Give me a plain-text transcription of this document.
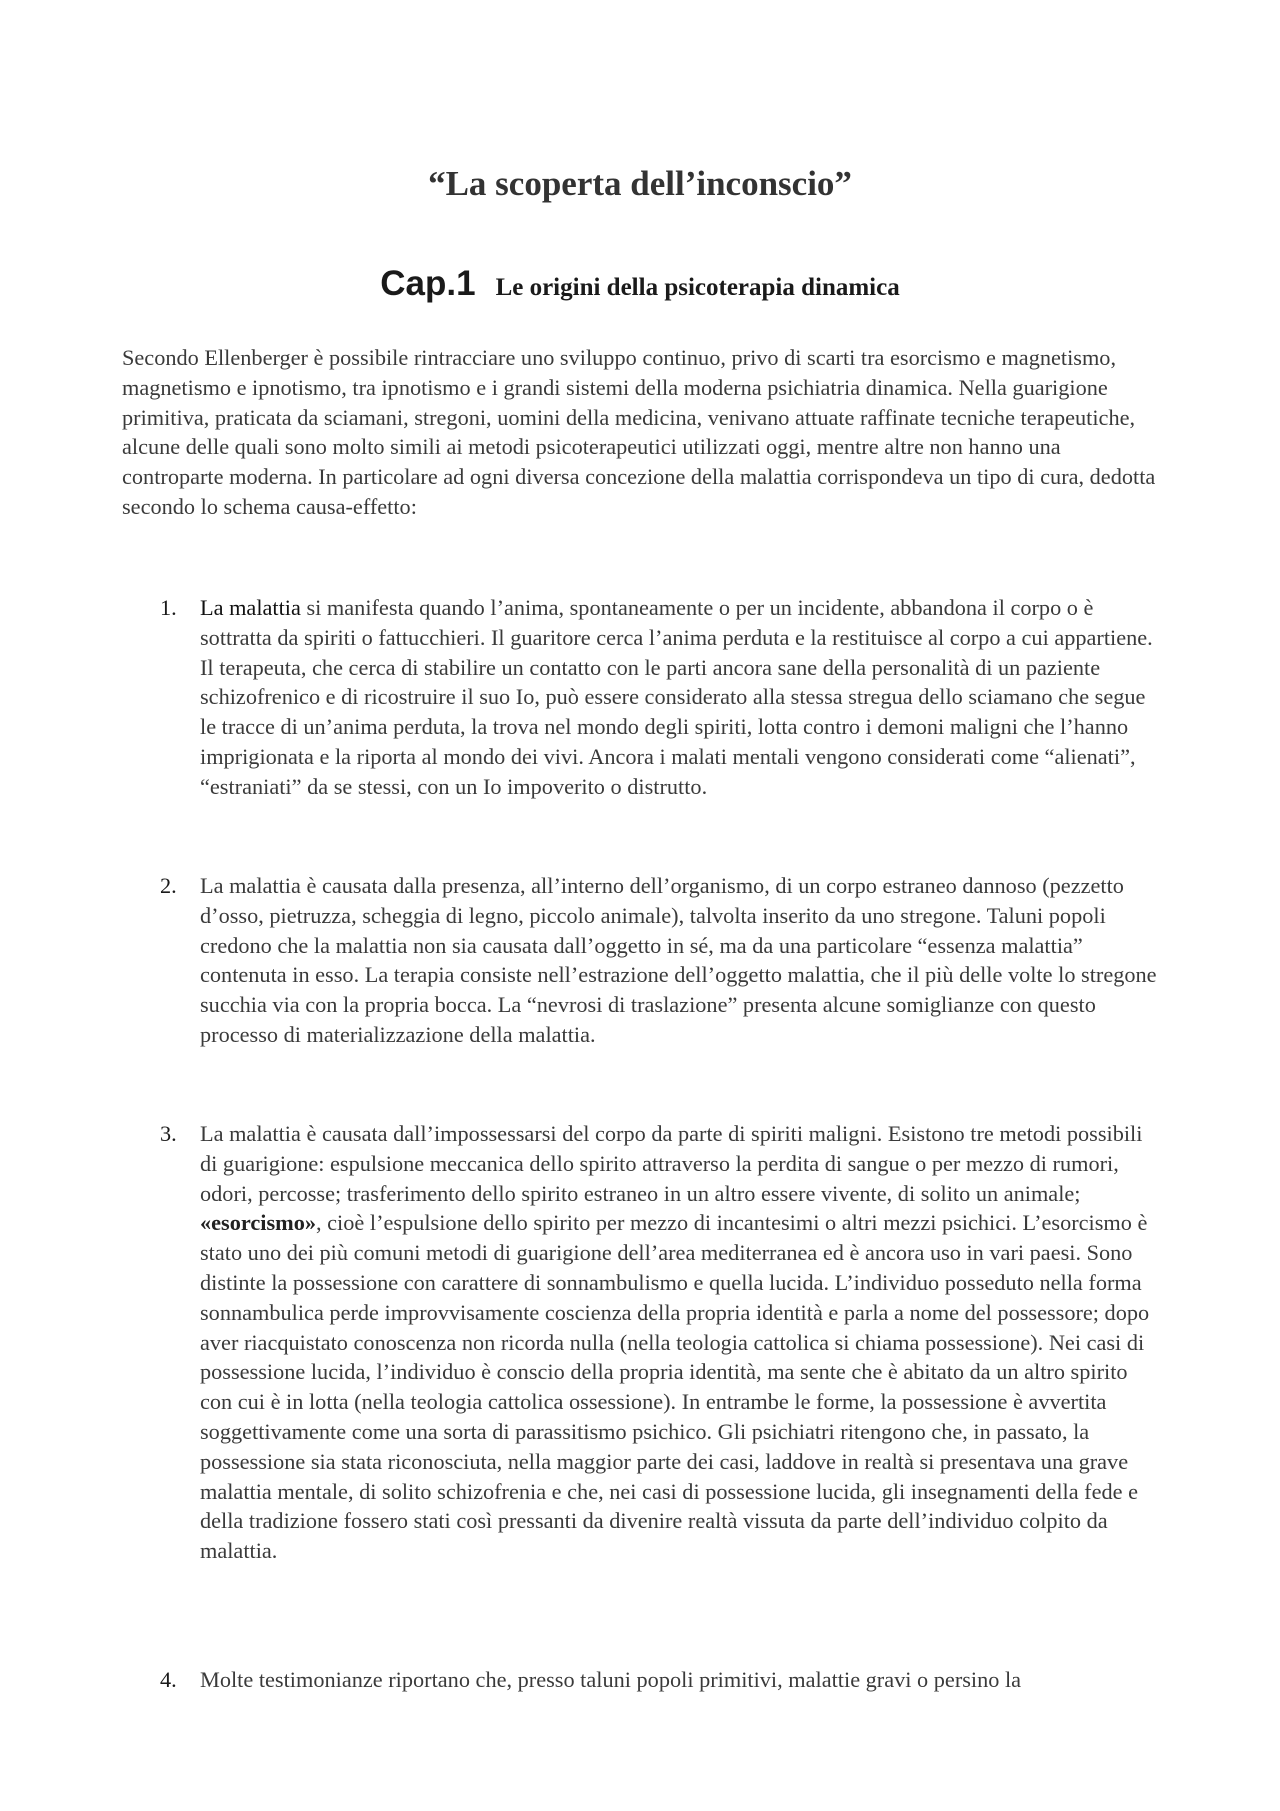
“La scoperta dell’inconscio”
Cap.1 Le origini della psicoterapia dinamica

Secondo Ellenberger è possibile rintracciare uno sviluppo continuo, privo di scarti tra esorcismo e magnetismo, magnetismo e ipnotismo, tra ipnotismo e i grandi sistemi della moderna psichiatria dinamica. Nella guarigione primitiva, praticata da sciamani, stregoni, uomini della medicina, venivano attuate raffinate tecniche terapeutiche, alcune delle quali sono molto simili ai metodi psicoterapeutici utilizzati oggi, mentre altre non hanno una controparte moderna. In particolare ad ogni diversa concezione della malattia corrispondeva un tipo di cura, dedotta secondo lo schema causa-effetto:

1. La malattia si manifesta quando l’anima, spontaneamente o per un incidente, abbandona il corpo o è sottratta da spiriti o fattucchieri. Il guaritore cerca l’anima perduta e la restituisce al corpo a cui appartiene. Il terapeuta, che cerca di stabilire un contatto con le parti ancora sane della personalità di un paziente schizofrenico e di ricostruire il suo Io, può essere considerato alla stessa stregua dello sciamano che segue le tracce di un’anima perduta, la trova nel mondo degli spiriti, lotta contro i demoni maligni che l’hanno imprigionata e la riporta al mondo dei vivi. Ancora i malati mentali vengono considerati come “alienati”, “estraniati” da se stessi, con un Io impoverito o distrutto.

2. La malattia è causata dalla presenza, all’interno dell’organismo, di un corpo estraneo dannoso (pezzetto d’osso, pietruzza, scheggia di legno, piccolo animale), talvolta inserito da uno stregone. Taluni popoli credono che la malattia non sia causata dall’oggetto in sé, ma da una particolare “essenza malattia” contenuta in esso. La terapia consiste nell’estrazione dell’oggetto malattia, che il più delle volte lo stregone succhia via con la propria bocca. La “nevrosi di traslazione” presenta alcune somiglianze con questo processo di materializzazione della malattia.

3. La malattia è causata dall’impossessarsi del corpo da parte di spiriti maligni. Esistono tre metodi possibili di guarigione: espulsione meccanica dello spirito attraverso la perdita di sangue o per mezzo di rumori, odori, percosse; trasferimento dello spirito estraneo in un altro essere vivente, di solito un animale; «esorcismo», cioè l’espulsione dello spirito per mezzo di incantesimi o altri mezzi psichici. L’esorcismo è stato uno dei più comuni metodi di guarigione dell’area mediterranea ed è ancora uso in vari paesi. Sono distinte la possessione con carattere di sonnambulismo e quella lucida. L’individuo posseduto nella forma sonnambulica perde improvvisamente coscienza della propria identità e parla a nome del possessore; dopo aver riacquistato conoscenza non ricorda nulla (nella teologia cattolica si chiama possessione). Nei casi di possessione lucida, l’individuo è conscio della propria identità, ma sente che è abitato da un altro spirito con cui è in lotta (nella teologia cattolica ossessione). In entrambe le forme, la possessione è avvertita soggettivamente come una sorta di parassitismo psichico. Gli psichiatri ritengono che, in passato, la possessione sia stata riconosciuta, nella maggior parte dei casi, laddove in realtà si presentava una grave malattia mentale, di solito schizofrenia e che, nei casi di possessione lucida, gli insegnamenti della fede e della tradizione fossero stati così pressanti da divenire realtà vissuta da parte dell’individuo colpito da malattia.

4. Molte testimonianze riportano che, presso taluni popoli primitivi, malattie gravi o persino la
